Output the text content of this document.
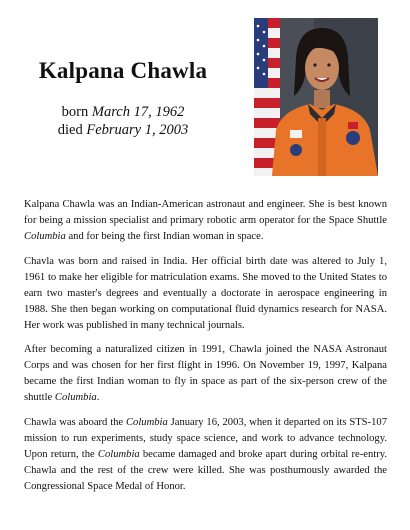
Kalpana Chawla
born March 17, 1962
died February 1, 2003

Kalpana Chawla was an Indian-American astronaut and engineer. She is best known for being a mission specialist and primary robotic arm operator for the Space Shuttle Columbia and for being the first Indian woman in space.

Chavla was born and raised in India. Her official birth date was altered to July 1, 1961 to make her eligible for matriculation exams. She moved to the United States to earn two master's degrees and eventually a doctorate in aerospace engineering in 1988. She then began working on computational fluid dynamics research for NASA. Her work was published in many technical journals.

After becoming a naturalized citizen in 1991, Chawla joined the NASA Astronaut Corps and was chosen for her first flight in 1996. On November 19, 1997, Kalpana became the first Indian woman to fly in space as part of the six-person crew of the shuttle Columbia.

Chawla was aboard the Columbia January 16, 2003, when it departed on its STS-107 mission to run experiments, study space science, and work to advance technology. Upon return, the Columbia became damaged and broke apart during orbital re-entry. Chawla and the rest of the crew were killed. She was posthumously awarded the Congressional Space Medal of Honor.
